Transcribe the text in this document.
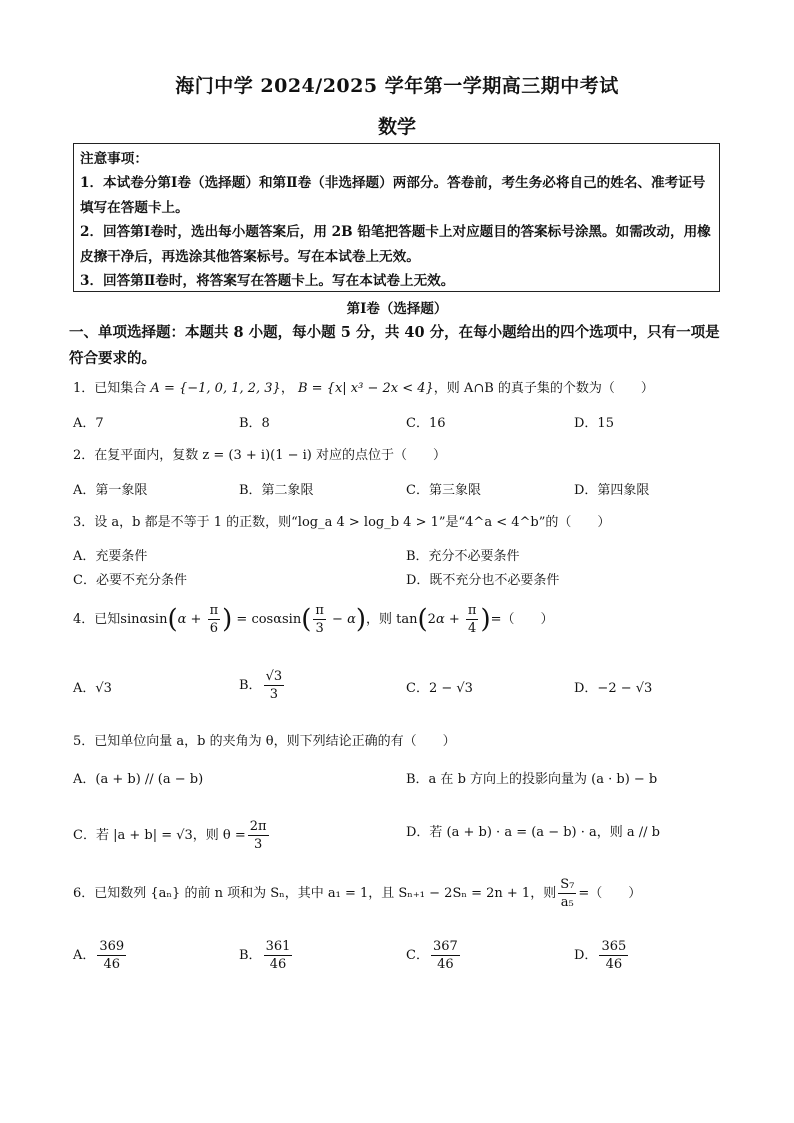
海门中学 2024/2025 学年第一学期高三期中考试
数学

注意事项：

1．本试卷分第Ⅰ卷（选择题）和第Ⅱ卷（非选择题）两部分。答卷前，考生务必将自己的姓名、准考证号填写在答题卡上。

2．回答第Ⅰ卷时，选出每小题答案后，用 2B 铅笔把答题卡上对应题目的答案标号涂黑。如需改动，用橡皮擦干净后，再选涂其他答案标号。写在本试卷上无效。

3．回答第Ⅱ卷时，将答案写在答题卡上。写在本试卷上无效。

第Ⅰ卷（选择题）
一、单项选择题：本题共 8 小题，每小题 5 分，共 40 分，在每小题给出的四个选项中，只有一项是符合要求的。
1．已知集合 A = {−1, 0, 1, 2, 3}， B = {x| x³ − 2x < 4}，则 A∩B 的真子集的个数为（　　）
A．7	B．8	C．16	D．15
2．在复平面内，复数 z = (3 + i)(1 − i) 对应的点位于（　　）
A．第一象限	B．第二象限	C．第三象限	D．第四象限
3．设 a，b 都是不等于 1 的正数，则“log_a 4 > log_b 4 > 1”是“4^a < 4^b”的（　　）
A．充要条件	B．充分不必要条件
C．必要不充分条件	D．既不充分也不必要条件
4．已知$\sin\alpha\sin(\alpha + \frac{\pi}{6}$ ) = $\cos\alpha\sin( \frac{\pi}{3} - \alpha)$，则 $\tan(2\alpha + \frac{\pi}{4}$ )=（　　）
A．√3	B． $\frac{√3}{3}$	C．2 − √3	D．−2 − √3
5．已知单位向量 a，b 的夹角为 θ，则下列结论正确的有（　　）
A．(a + b) // (a − b)	B．a 在 b 方向上的投影向量为 (a · b) − b
C．若 |a + b| = √3，则 $\theta = \frac{2\pi}{3}$	D．若 (a + b) · a = (a − b) · a，则 a // b
6．已知数列 {aₙ} 的前 n 项和为 Sₙ，其中 a₁ = 1，且 Sₙ₊₁ − 2Sₙ = 2n + 1，则 $\frac{\text{S₇}}{\text{a₅}}$ =（　　）
A． $\frac{369}{46}$	B． $\frac{361}{46}$	C． $\frac{367}{46}$	D． $\frac{365}{46}$
